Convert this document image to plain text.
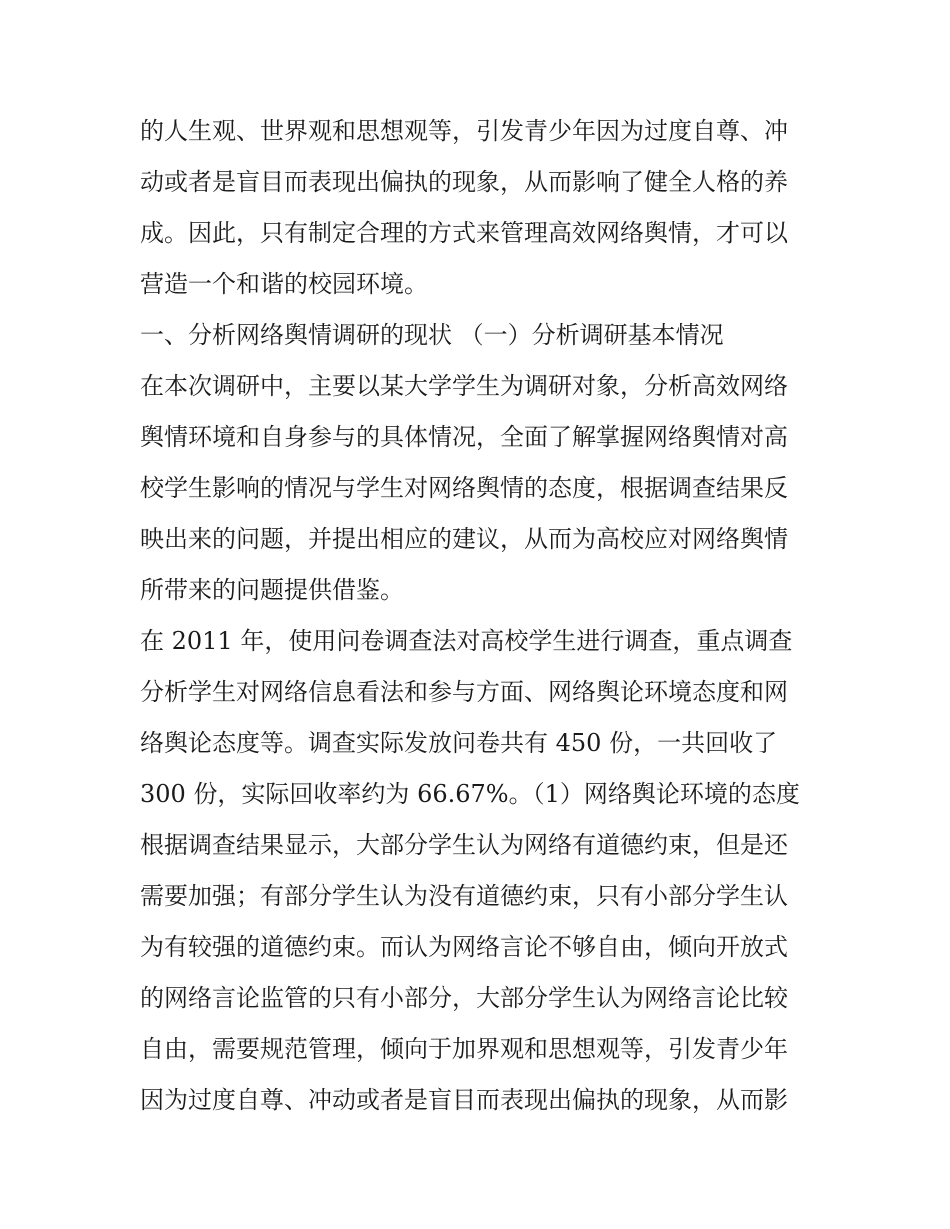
的人生观、世界观和思想观等，引发青少年因为过度自尊、冲
动或者是盲目而表现出偏执的现象，从而影响了健全人格的养
成。因此，只有制定合理的方式来管理高效网络舆情，才可以
营造一个和谐的校园环境。
一、分析网络舆情调研的现状 （一）分析调研基本情况
在本次调研中，主要以某大学学生为调研对象，分析高效网络
舆情环境和自身参与的具体情况，全面了解掌握网络舆情对高
校学生影响的情况与学生对网络舆情的态度，根据调查结果反
映出来的问题，并提出相应的建议，从而为高校应对网络舆情
所带来的问题提供借鉴。
在 2011 年，使用问卷调查法对高校学生进行调查，重点调查
分析学生对网络信息看法和参与方面、网络舆论环境态度和网
络舆论态度等。调查实际发放问卷共有 450 份，一共回收了
300 份，实际回收率约为 66.67%。（1）网络舆论环境的态度
根据调查结果显示，大部分学生认为网络有道德约束，但是还
需要加强；有部分学生认为没有道德约束，只有小部分学生认
为有较强的道德约束。而认为网络言论不够自由，倾向开放式
的网络言论监管的只有小部分，大部分学生认为网络言论比较
自由，需要规范管理，倾向于加界观和思想观等，引发青少年
因为过度自尊、冲动或者是盲目而表现出偏执的现象，从而影
